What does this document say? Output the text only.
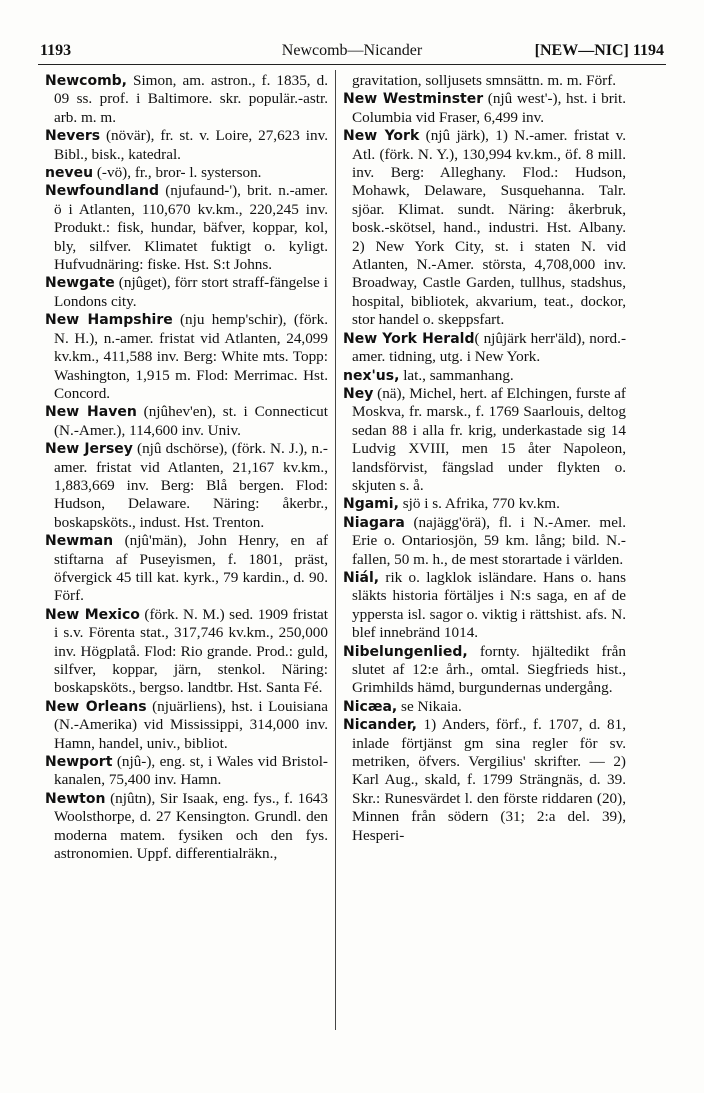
1193	Newcomb—Nicander	[NEW—NIC] 1194

Newcomb, Simon, am. astron., f. 1835, d. 09 ss. prof. i Baltimore. skr. populär.-astr. arb. m. m.

Nevers (növär), fr. st. v. Loire, 27,623 inv. Bibl., bisk., katedral.

neveu (-vö), fr., bror- l. systerson.

Newfoundland (njufaund-'), brit. n.-amer. ö i Atlanten, 110,670 kv.km., 220,245 inv. Produkt.: fisk, hundar, bäfver, koppar, kol, bly, silfver. Klimatet fuktigt o. kyligt. Hufvudnäring: fiske. Hst. S:t Johns.

Newgate (njûget), förr stort straff-fängelse i Londons city.

New Hampshire (nju hemp'schir), (förk. N. H.), n.-amer. fristat vid Atlanten, 24,099 kv.km., 411,588 inv. Berg: White mts. Topp: Washington, 1,915 m. Flod: Merrimac. Hst. Concord.

New Haven (njûhev'en), st. i Connecticut (N.-Amer.), 114,600 inv. Univ.

New Jersey (njû dschörse), (förk. N. J.), n.-amer. fristat vid Atlanten, 21,167 kv.km., 1,883,669 inv. Berg: Blå bergen. Flod: Hudson, Delaware. Näring: åkerbr., boskapsköts., indust. Hst. Trenton.

Newman (njû'män), John Henry, en af stiftarna af Puseyismen, f. 1801, präst, öfvergick 45 till kat. kyrk., 79 kardin., d. 90. Förf.

New Mexico (förk. N. M.) sed. 1909 fristat i s.v. Förenta stat., 317,746 kv.km., 250,000 inv. Högplatå. Flod: Rio grande. Prod.: guld, silfver, koppar, järn, stenkol. Näring: boskapsköts., bergso. landtbr. Hst. Santa Fé.

New Orleans (njuärliens), hst. i Louisiana (N.-Amerika) vid Mississippi, 314,000 inv. Hamn, handel, univ., bibliot.

Newport (njû-), eng. st, i Wales vid Bristol-kanalen, 75,400 inv. Hamn.

Newton (njûtn), Sir Isaak, eng. fys., f. 1643 Woolsthorpe, d. 27 Kensington. Grundl. den moderna matem. fysiken och den fys. astronomien. Uppf. differentialräkn.,

gravitation, solljusets smnsättn. m. m. Förf.

New Westminster (njû west'-), hst. i brit. Columbia vid Fraser, 6,499 inv.

New York (njû järk), 1) N.-amer. fristat v. Atl. (förk. N. Y.), 130,994 kv.km., öf. 8 mill. inv. Berg: Alleghany. Flod.: Hudson, Mohawk, Delaware, Susquehanna. Talr. sjöar. Klimat. sundt. Näring: åkerbruk, bosk.-skötsel, hand., industri. Hst. Albany. 2) New York City, st. i staten N. vid Atlanten, N.-Amer. största, 4,708,000 inv. Broadway, Castle Garden, tullhus, stadshus, hospital, bibliotek, akvarium, teat., dockor, stor handel o. skeppsfart.

New York Herald( njûjärk herr'äld), nord.-amer. tidning, utg. i New York.

nex'us, lat., sammanhang.

Ney (nä), Michel, hert. af Elchingen, furste af Moskva, fr. marsk., f. 1769 Saarlouis, deltog sedan 88 i alla fr. krig, underkastade sig 14 Ludvig XVIII, men 15 åter Napoleon, landsförvist, fängslad under flykten o. skjuten s. å.

Ngami, sjö i s. Afrika, 770 kv.km.

Niagara (najägg'örä), fl. i N.-Amer. mel. Erie o. Ontariosjön, 59 km. lång; bild. N.-fallen, 50 m. h., de mest storartade i världen.

Niál, rik o. lagklok isländare. Hans o. hans släkts historia förtäljes i N:s saga, en af de yppersta isl. sagor o. viktig i rättshist. afs. N. blef innebränd 1014.

Nibelungenlied, fornty. hjältedikt från slutet af 12:e årh., omtal. Siegfrieds hist., Grimhilds hämd, burgundernas undergång.

Nicæa, se Nikaia.

Nicander, 1) Anders, förf., f. 1707, d. 81, inlade förtjänst gm sina regler för sv. metriken, öfvers. Vergilius' skrifter. — 2) Karl Aug., skald, f. 1799 Strängnäs, d. 39. Skr.: Runesvärdet l. den förste riddaren (20), Minnen från södern (31; 2:a del. 39), Hesperi-
